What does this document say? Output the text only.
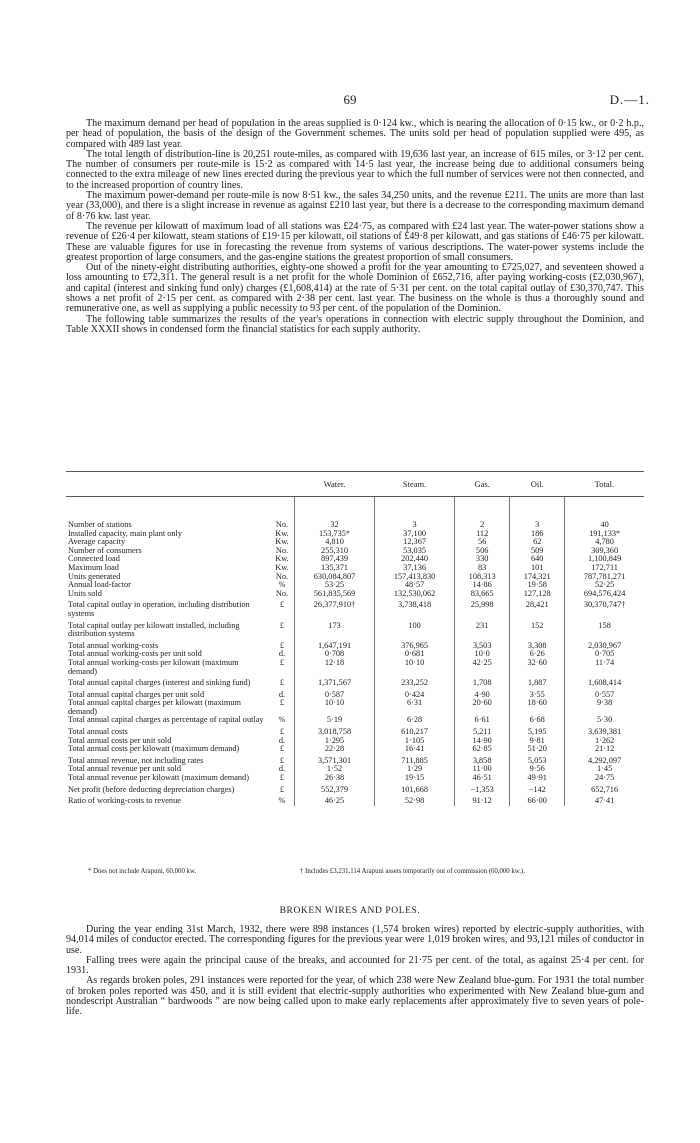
69	D.—1.

The maximum demand per head of population in the areas supplied is 0·124 kw., which is nearing the allocation of 0·15 kw., or 0·2 h.p., per head of population, the basis of the design of the Government schemes. The units sold per head of population supplied were 495, as compared with 489 last year.

The total length of distribution-line is 20,251 route-miles, as compared with 19,636 last year, an increase of 615 miles, or 3·12 per cent. The number of consumers per route-mile is 15·2 as compared with 14·5 last year, the increase being due to additional consumers being connected to the extra mileage of new lines erected during the previous year to which the full number of services were not then connected, and to the increased proportion of country lines.

The maximum power-demand per route-mile is now 8·51 kw., the sales 34,250 units, and the revenue £211. The units are more than last year (33,000), and there is a slight increase in revenue as against £210 last year, but there is a decrease to the corresponding maximum demand of 8·76 kw. last year.

The revenue per kilowatt of maximum load of all stations was £24·75, as compared with £24 last year. The water-power stations show a revenue of £26·4 per kilowatt, steam stations of £19·15 per kilowatt, oil stations of £49·8 per kilowatt, and gas stations of £46·75 per kilowatt. These are valuable figures for use in forecasting the revenue from systems of various descriptions. The water-power systems include the greatest proportion of large consumers, and the gas-engine stations the greatest proportion of small consumers.

Out of the ninety-eight distributing authorities, eighty-one showed a profit for the year amounting to £725,027, and seventeen showed a loss amounting to £72,311. The general result is a net profit for the whole Dominion of £652,716, after paying working-costs (£2,030,967), and capital (interest and sinking fund only) charges (£1,608,414) at the rate of 5·31 per cent. on the total capital outlay of £30,370,747. This shows a net profit of 2·15 per cent. as compared with 2·38 per cent. last year. The business on the whole is thus a thoroughly sound and remunerative one, as well as supplying a public necessity to 93 per cent. of the population of the Dominion.

The following table summarizes the results of the year's operations in connection with electric supply throughout the Dominion, and Table XXXII shows in condensed form the financial statistics for each supply authority.

		Water.	Steam.	Gas.	Oil.	Total.
Number of stations	No.	32	3	2	3	40
Installed capacity, main plant only	Kw.	153,735*	37,100	112	186	191,133*
Average capacity	Kw.	4,810	12,367	56	62	4,780
Number of consumers	No.	255,310	53,035	506	509	309,360
Connected load	Kw.	897,439	202,440	330	640	1,100,849
Maximum load	Kw.	135,371	37,136	83	101	172,711
Units generated	No.	630,084,807	157,413,830	108,313	174,321	787,781,271
Annual load-factor	%	53·25	48·57	14·86	19·58	52·25
Units sold	No.	561,835,569	132,530,062	83,665	127,128	694,576,424
Total capital outlay in operation, including distribution systems	£	26,377,910†	3,738,418	25,998	28,421	30,370,747†
Total capital outlay per kilowatt installed, including distribution systems	£	173	100	231	152	158
Total annual working-costs	£	1,647,191	376,965	3,503	3,308	2,030,967
Total annual working-costs per unit sold	d.	0·708	0·681	10·0	6·26	0·705
Total annual working-costs per kilowatt (maximum demand)	£	12·18	10·10	42·25	32·60	11·74
Total annual capital charges (interest and sinking fund)	£	1,371,567	233,252	1,708	1,887	1,608,414
Total annual capital charges per unit sold	d.	0·587	0·424	4·90	3·55	0·557
Total annual capital charges per kilowatt (maximum demand)	£	10·10	6·31	20·60	18·60	9·38
Total annual capital charges as percentage of capital outlay	%	5·19	6·28	6·61	6·68	5·30
Total annual costs	£	3,018,758	610,217	5,211	5,195	3,639,381
Total annual costs per unit sold	d.	1·295	1·105	14·90	9·81	1·262
Total annual costs per kilowatt (maximum demand)	£	22·28	16·41	62·85	51·20	21·12
Total annual revenue, not including rates	£	3,571,301	711,885	3,858	5,053	4,292,097
Total annual revenue per unit sold	d.	1·52	1·29	11·00	9·56	1·45
Total annual revenue per kilowatt (maximum demand)	£	26·38	19·15	46·51	49·91	24·75
Net profit (before deducting depreciation charges)	£	552,379	101,668	−1,353	−142	652,716
Ratio of working-costs to revenue	%	46·25	52·98	91·12	66·00	47·41
* Does not include Arapuni, 60,000 kw.	† Includes £3,231,114 Arapuni assets temporarily out of commission (60,000 kw.).
BROKEN WIRES AND POLES.

During the year ending 31st March, 1932, there were 898 instances (1,574 broken wires) reported by electric-supply authorities, with 94,014 miles of conductor erected. The corresponding figures for the previous year were 1,019 broken wires, and 93,121 miles of conductor in use.

Falling trees were again the principal cause of the breaks, and accounted for 21·75 per cent. of the total, as against 25·4 per cent. for 1931.

As regards broken poles, 291 instances were reported for the year, of which 238 were New Zealand blue-gum. For 1931 the total number of broken poles reported was 450, and it is still evident that electric-supply authorities who experimented with New Zealand blue-gum and nondescript Australian “ bardwoods ” are now being called upon to make early replacements after approximately five to seven years of pole-life.
